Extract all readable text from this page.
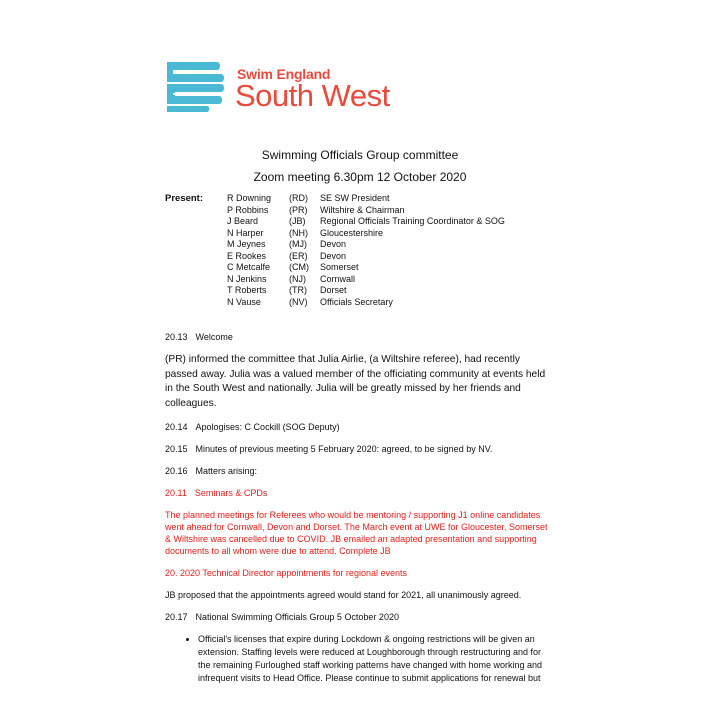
Swim England
South West
Swimming Officials Group committee
Zoom meeting 6.30pm 12 October 2020
Present:	R Downing (RD) SE SW President
P Robbins (PR) Wiltshire & Chairman
J Beard	(JB) Regional Officials Training Coordinator & SOG
N Harper	(NH) Gloucestershire
M Jeynes	(MJ) Devon
E Rookes	(ER) Devon
C Metcalfe (CM) Somerset
N Jenkins (NJ) Cornwall
T Roberts	(TR) Dorset
N Vause	(NV) Officials Secretary

20.13 Welcome

(PR) informed the committee that Julia Airlie, (a Wiltshire referee), had recently passed away. Julia was a valued member of the officiating community at events held in the South West and nationally. Julia will be greatly missed by her friends and colleagues.

20.14 Apologises: C Cockill (SOG Deputy)

20.15 Minutes of previous meeting 5 February 2020: agreed, to be signed by NV.

20.16 Matters arising:

20.11 Seminars & CPDs

The planned meetings for Referees who would be mentoring / supporting J1 online candidates went ahead for Cornwall, Devon and Dorset. The March event at UWE for Gloucester, Somerset & Wiltshire was cancelled due to COVID. JB emailed an adapted presentation and supporting documents to all whom were due to attend. Complete JB

20. 2020 Technical Director appointments for regional events

JB proposed that the appointments agreed would stand for 2021, all unanimously agreed.

20.17 National Swimming Officials Group 5 October 2020

• Official's licenses that expire during Lockdown & ongoing restrictions will be given an extension. Staffing levels were reduced at Loughborough through restructuring and for the remaining Furloughed staff working patterns have changed with home working and infrequent visits to Head Office. Please continue to submit applications for renewal but
